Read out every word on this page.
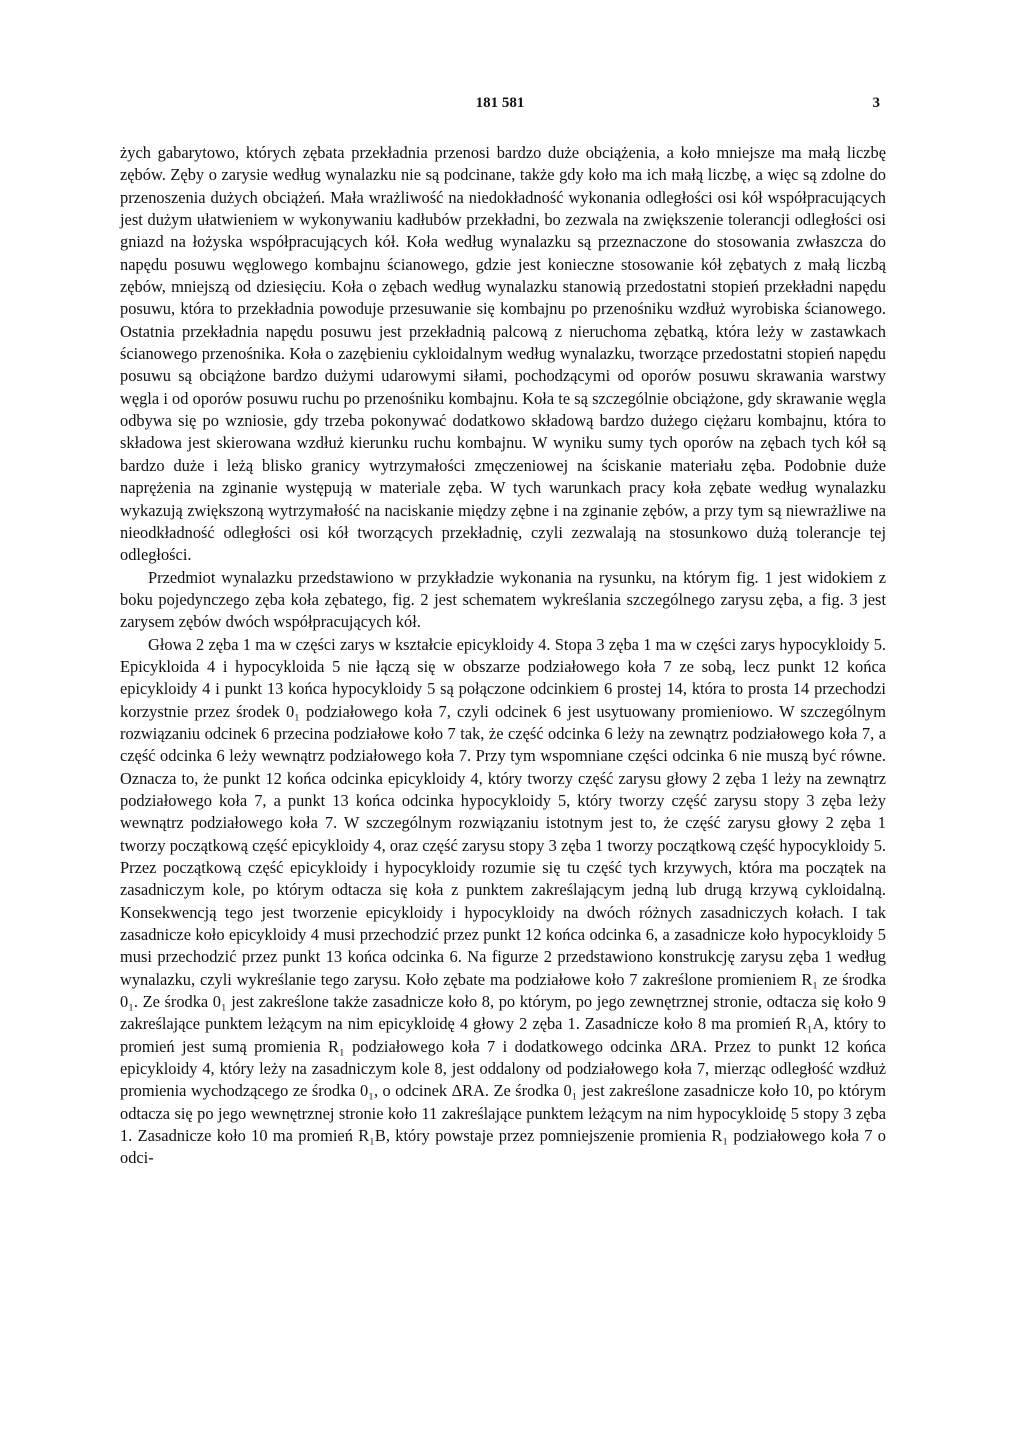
181 581	3

żych gabarytowo, których zębata przekładnia przenosi bardzo duże obciążenia, a koło mniejsze ma małą liczbę zębów. Zęby o zarysie według wynalazku nie są podcinane, także gdy koło ma ich małą liczbę, a więc są zdolne do przenoszenia dużych obciążeń. Mała wrażliwość na niedokładność wykonania odległości osi kół współpracujących jest dużym ułatwieniem w wykonywaniu kadłubów przekładni, bo zezwala na zwiększenie tolerancji odległości osi gniazd na łożyska współpracujących kół. Koła według wynalazku są przeznaczone do stosowania zwłaszcza do napędu posuwu węglowego kombajnu ścianowego, gdzie jest konieczne stosowanie kół zębatych z małą liczbą zębów, mniejszą od dziesięciu. Koła o zębach według wynalazku stanowią przedostatni stopień przekładni napędu posuwu, która to przekładnia powoduje przesuwanie się kombajnu po przenośniku wzdłuż wyrobiska ścianowego. Ostatnia przekładnia napędu posuwu jest przekładnią palcową z nieruchoma zębatką, która leży w zastawkach ścianowego przenośnika. Koła o zazębieniu cykloidalnym według wynalazku, tworzące przedostatni stopień napędu posuwu są obciążone bardzo dużymi udarowymi siłami, pochodzącymi od oporów posuwu skrawania warstwy węgla i od oporów posuwu ruchu po przenośniku kombajnu. Koła te są szczególnie obciążone, gdy skrawanie węgla odbywa się po wzniosie, gdy trzeba pokonywać dodatkowo składową bardzo dużego ciężaru kombajnu, która to składowa jest skierowana wzdłuż kierunku ruchu kombajnu. W wyniku sumy tych oporów na zębach tych kół są bardzo duże i leżą blisko granicy wytrzymałości zmęczeniowej na ściskanie materiału zęba. Podobnie duże naprężenia na zginanie występują w materiale zęba. W tych warunkach pracy koła zębate według wynalazku wykazują zwiększoną wytrzymałość na naciskanie między zębne i na zginanie zębów, a przy tym są niewrażliwe na nieodkładność odległości osi kół tworzących przekładnię, czyli zezwalają na stosunkowo dużą tolerancje tej odległości.

Przedmiot wynalazku przedstawiono w przykładzie wykonania na rysunku, na którym fig. 1 jest widokiem z boku pojedynczego zęba koła zębatego, fig. 2 jest schematem wykreślania szczególnego zarysu zęba, a fig. 3 jest zarysem zębów dwóch współpracujących kół.

Głowa 2 zęba 1 ma w części zarys w kształcie epicykloidy 4. Stopa 3 zęba 1 ma w części zarys hypocykloidy 5. Epicykloida 4 i hypocykloida 5 nie łączą się w obszarze podziałowego koła 7 ze sobą, lecz punkt 12 końca epicykloidy 4 i punkt 13 końca hypocykloidy 5 są połączone odcinkiem 6 prostej 14, która to prosta 14 przechodzi korzystnie przez środek 0₁ podziałowego koła 7, czyli odcinek 6 jest usytuowany promieniowo. W szczególnym rozwiązaniu odcinek 6 przecina podziałowe koło 7 tak, że część odcinka 6 leży na zewnątrz podziałowego koła 7, a część odcinka 6 leży wewnątrz podziałowego koła 7. Przy tym wspomniane części odcinka 6 nie muszą być równe. Oznacza to, że punkt 12 końca odcinka epicykloidy 4, który tworzy część zarysu głowy 2 zęba 1 leży na zewnątrz podziałowego koła 7, a punkt 13 końca odcinka hypocykloidy 5, który tworzy część zarysu stopy 3 zęba leży wewnątrz podziałowego koła 7. W szczególnym rozwiązaniu istotnym jest to, że część zarysu głowy 2 zęba 1 tworzy początkową część epicykloidy 4, oraz część zarysu stopy 3 zęba 1 tworzy początkową część hypocykloidy 5. Przez początkową część epicykloidy i hypocykloidy rozumie się tu część tych krzywych, która ma początek na zasadniczym kole, po którym odtacza się koła z punktem zakreślającym jedną lub drugą krzywą cykloidalną. Konsekwencją tego jest tworzenie epicykloidy i hypocykloidy na dwóch różnych zasadniczych kołach. I tak zasadnicze koło epicykloidy 4 musi przechodzić przez punkt 12 końca odcinka 6, a zasadnicze koło hypocykloidy 5 musi przechodzić przez punkt 13 końca odcinka 6. Na figurze 2 przedstawiono konstrukcję zarysu zęba 1 według wynalazku, czyli wykreślanie tego zarysu. Koło zębate ma podziałowe koło 7 zakreślone promieniem R₁ ze środka 0₁. Ze środka 0₁ jest zakreślone także zasadnicze koło 8, po którym, po jego zewnętrznej stronie, odtacza się koło 9 zakreślające punktem leżącym na nim epicykloidę 4 głowy 2 zęba 1. Zasadnicze koło 8 ma promień R₁A, który to promień jest sumą promienia R₁ podziałowego koła 7 i dodatkowego odcinka ΔRA. Przez to punkt 12 końca epicykloidy 4, który leży na zasadniczym kole 8, jest oddalony od podziałowego koła 7, mierząc odległość wzdłuż promienia wychodzącego ze środka 0₁, o odcinek ΔRA. Ze środka 0₁ jest zakreślone zasadnicze koło 10, po którym odtacza się po jego wewnętrznej stronie koło 11 zakreślające punktem leżącym na nim hypocykloidę 5 stopy 3 zęba 1. Zasadnicze koło 10 ma promień R₁B, który powstaje przez pomniejszenie promienia R₁ podziałowego koła 7 o odci-
